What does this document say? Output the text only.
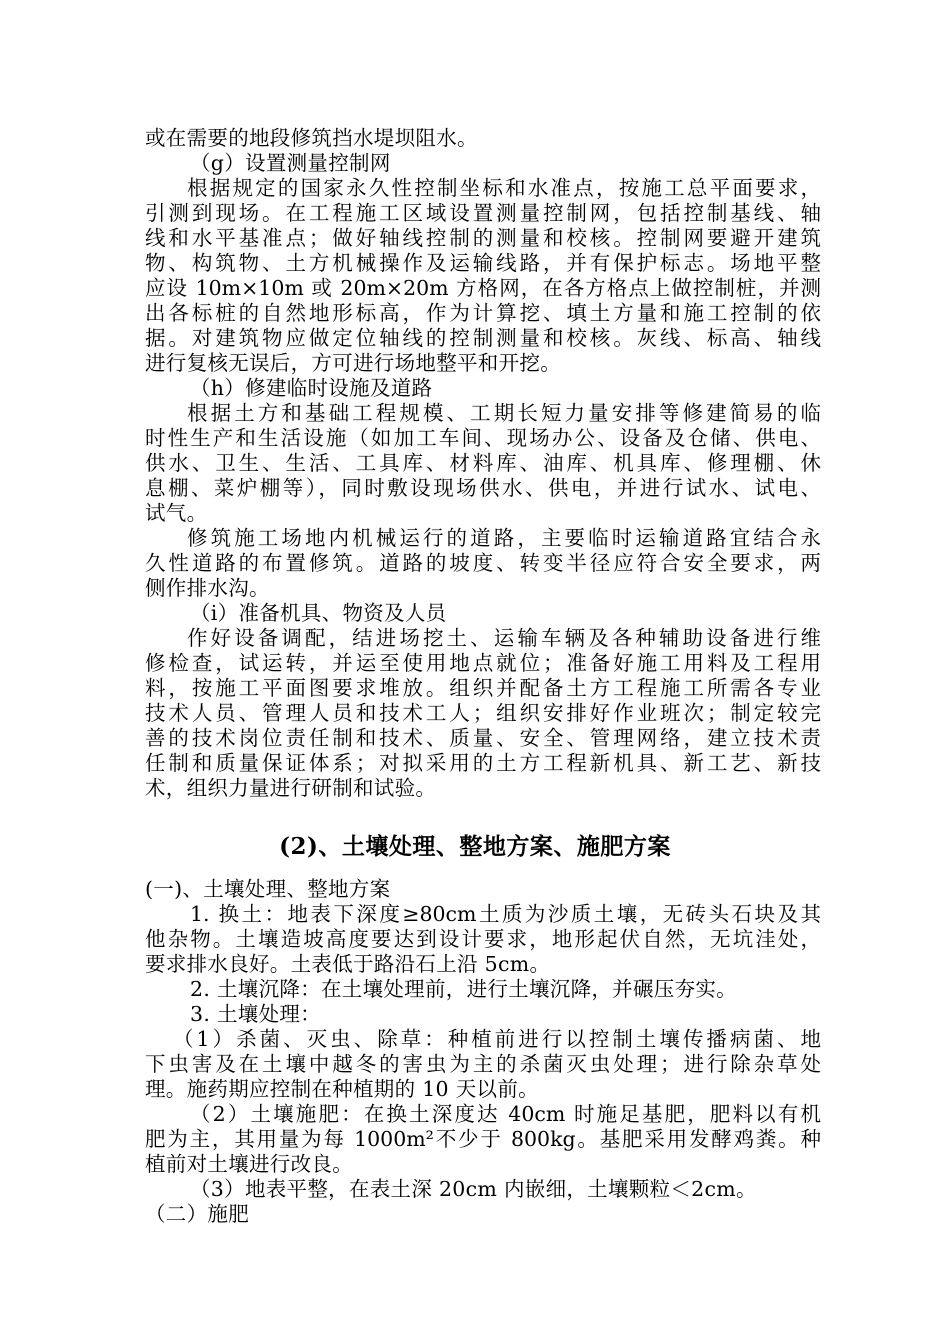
或在需要的地段修筑挡水堤坝阻水。
（g）设置测量控制网
根据规定的国家永久性控制坐标和水准点，按施工总平面要求，
引测到现场。在工程施工区域设置测量控制网，包括控制基线、轴
线和水平基准点；做好轴线控制的测量和校核。控制网要避开建筑
物、构筑物、土方机械操作及运输线路，并有保护标志。场地平整
应设 10m×10m 或 20m×20m 方格网，在各方格点上做控制桩，并测
出各标桩的自然地形标高，作为计算挖、填土方量和施工控制的依
据。对建筑物应做定位轴线的控制测量和校核。灰线、标高、轴线
进行复核无误后，方可进行场地整平和开挖。
（h）修建临时设施及道路
根据土方和基础工程规模、工期长短力量安排等修建简易的临
时性生产和生活设施（如加工车间、现场办公、设备及仓储、供电、
供水、卫生、生活、工具库、材料库、油库、机具库、修理棚、休
息棚、菜炉棚等），同时敷设现场供水、供电，并进行试水、试电、
试气。
修筑施工场地内机械运行的道路，主要临时运输道路宜结合永
久性道路的布置修筑。道路的坡度、转变半径应符合安全要求，两
侧作排水沟。
（i）准备机具、物资及人员
作好设备调配，结进场挖土、运输车辆及各种辅助设备进行维
修检查，试运转，并运至使用地点就位；准备好施工用料及工程用
料，按施工平面图要求堆放。组织并配备土方工程施工所需各专业
技术人员、管理人员和技术工人；组织安排好作业班次；制定较完
善的技术岗位责任制和技术、质量、安全、管理网络，建立技术责
任制和质量保证体系；对拟采用的土方工程新机具、新工艺、新技
术，组织力量进行研制和试验。
(2)、土壤处理、整地方案、施肥方案
(一)、土壤处理、整地方案
1. 换土：地表下深度≥80cm土质为沙质土壤，无砖头石块及其
他杂物。土壤造坡高度要达到设计要求，地形起伏自然，无坑洼处，
要求排水良好。土表低于路沿石上沿 5cm。
2. 土壤沉降：在土壤处理前，进行土壤沉降，并碾压夯实。
3. 土壤处理：
（1）杀菌、灭虫、除草：种植前进行以控制土壤传播病菌、地
下虫害及在土壤中越冬的害虫为主的杀菌灭虫处理；进行除杂草处
理。施药期应控制在种植期的 10 天以前。
（2）土壤施肥：在换土深度达 40cm 时施足基肥，肥料以有机
肥为主，其用量为每 1000m²不少于 800kg。基肥采用发酵鸡粪。种
植前对土壤进行改良。
（3）地表平整，在表土深 20cm 内嵌细，土壤颗粒＜2cm。
（二）施肥
